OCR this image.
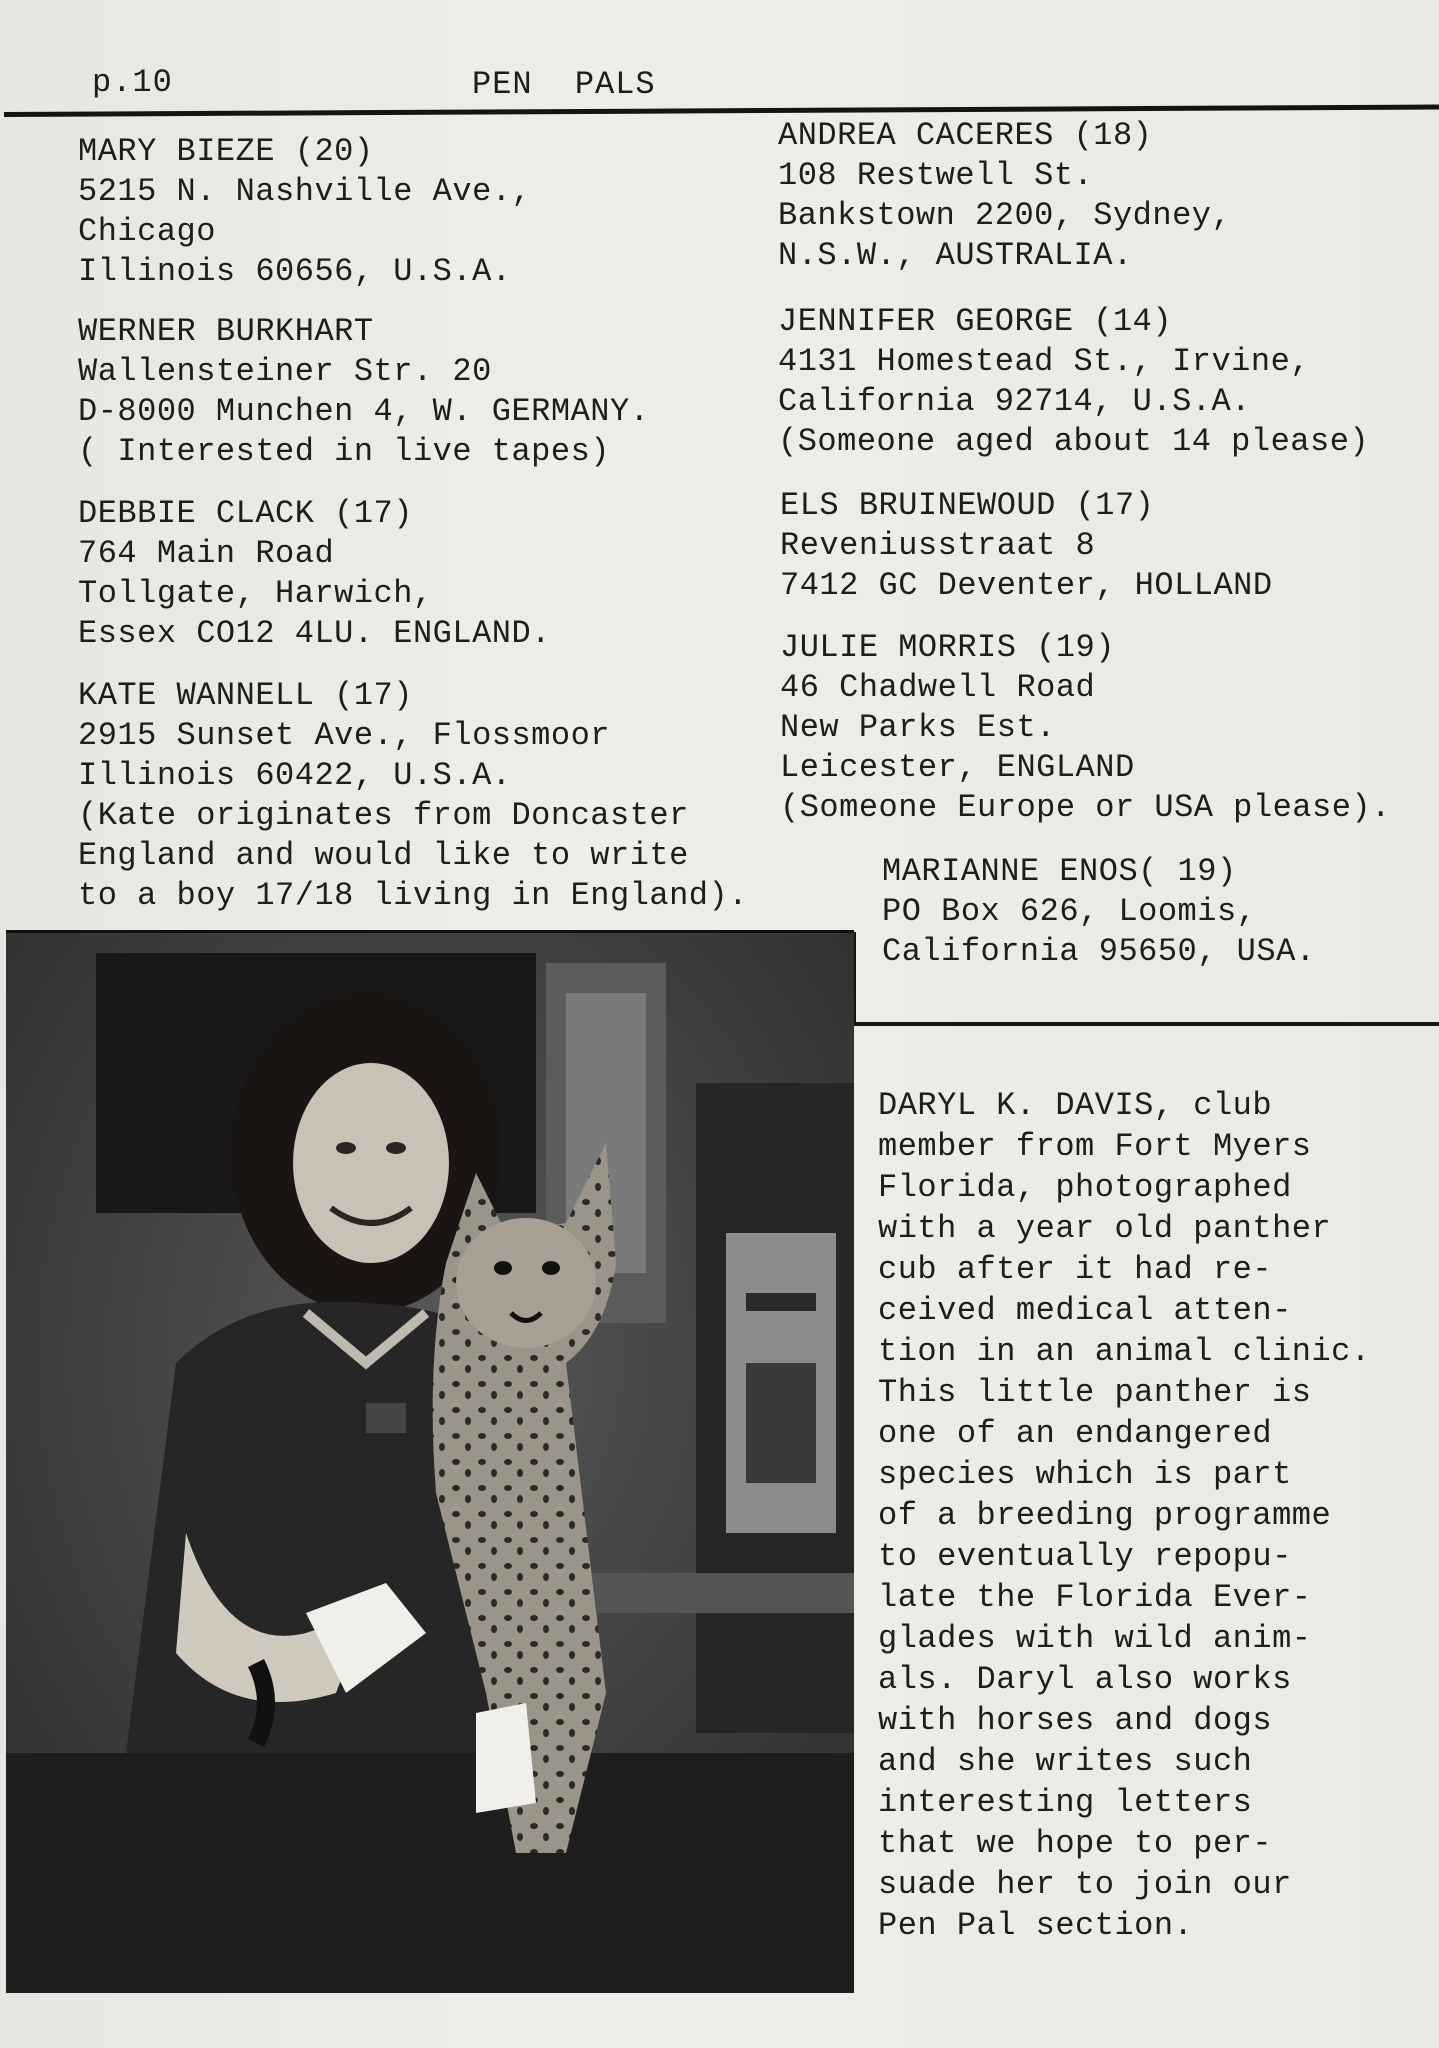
p.10	PEN PALS
MARY BIEZE (20)
5215 N. Nashville Ave.,
Chicago
Illinois 60656, U.S.A.
WERNER BURKHART
Wallensteiner Str. 20
D-8000 Munchen 4, W. GERMANY.
( Interested in live tapes)
DEBBIE CLACK (17)
764 Main Road
Tollgate, Harwich,
Essex CO12 4LU. ENGLAND.
KATE WANNELL (17)
2915 Sunset Ave., Flossmoor
Illinois 60422, U.S.A.
(Kate originates from Doncaster
England and would like to write
to a boy 17/18 living in England).
ANDREA CACERES (18)
108 Restwell St.
Bankstown 2200, Sydney,
N.S.W., AUSTRALIA.
JENNIFER GEORGE (14)
4131 Homestead St., Irvine,
California 92714, U.S.A.
(Someone aged about 14 please)
ELS BRUINEWOUD (17)
Reveniusstraat 8
7412 GC Deventer, HOLLAND
JULIE MORRIS (19)
46 Chadwell Road
New Parks Est.
Leicester, ENGLAND
(Someone Europe or USA please).
MARIANNE ENOS( 19)
PO Box 626, Loomis,
California 95650, USA.
DARYL K. DAVIS, club
member from Fort Myers
Florida, photographed
with a year old panther
cub after it had re-
ceived medical atten-
tion in an animal clinic.
This little panther is
one of an endangered
species which is part
of a breeding programme
to eventually repopu-
late the Florida Ever-
glades with wild anim-
als. Daryl also works
with horses and dogs
and she writes such
interesting letters
that we hope to per-
suade her to join our
Pen Pal section.
